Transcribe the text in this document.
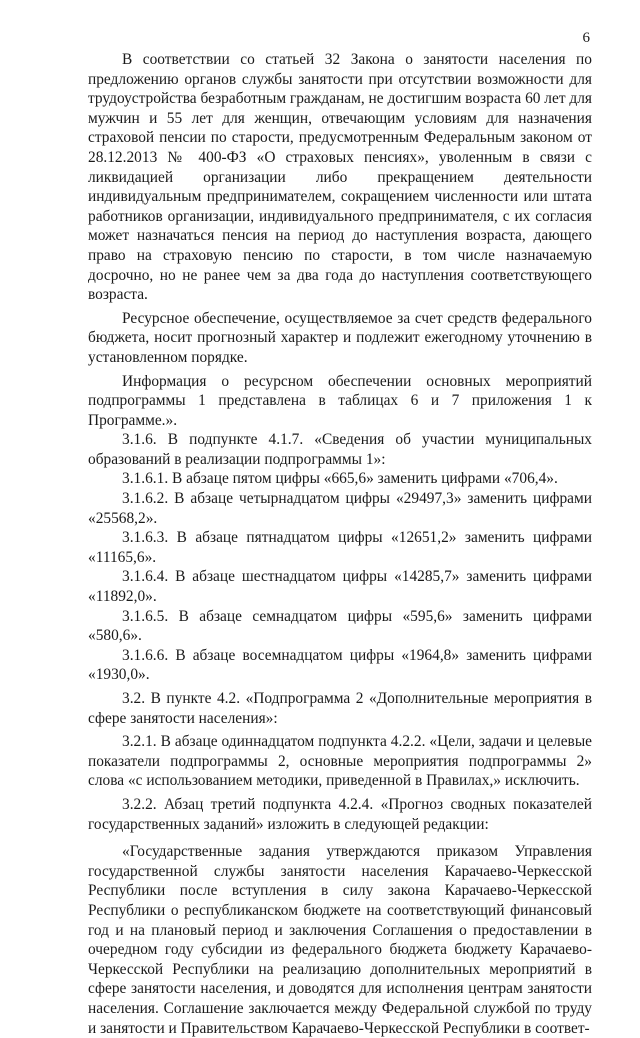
6

В соответствии со статьей 32 Закона о занятости населения по предложению органов службы занятости при отсутствии возможности для трудоустройства безработным гражданам, не достигшим возраста 60 лет для мужчин и 55 лет для женщин, отвечающим условиям для назначения страховой пенсии по старости, предусмотренным Федеральным законом от 28.12.2013 № 400-ФЗ «О страховых пенсиях», уволенным в связи с ликвидацией организации либо прекращением деятельности индивидуальным предпринимателем, сокращением численности или штата работников организации, индивидуального предпринимателя, с их согласия может назначаться пенсия на период до наступления возраста, дающего право на страховую пенсию по старости, в том числе назначаемую досрочно, но не ранее чем за два года до наступления соответствующего возраста.

Ресурсное обеспечение, осуществляемое за счет средств федерального бюджета, носит прогнозный характер и подлежит ежегодному уточнению в установленном порядке.

Информация о ресурсном обеспечении основных мероприятий подпрограммы 1 представлена в таблицах 6 и 7 приложения 1 к Программе.».

3.1.6. В подпункте 4.1.7. «Сведения об участии муниципальных образований в реализации подпрограммы 1»:

3.1.6.1. В абзаце пятом цифры «665,6» заменить цифрами «706,4».

3.1.6.2. В абзаце четырнадцатом цифры «29497,3» заменить цифрами «25568,2».

3.1.6.3. В абзаце пятнадцатом цифры «12651,2» заменить цифрами «11165,6».

3.1.6.4. В абзаце шестнадцатом цифры «14285,7» заменить цифрами «11892,0».

3.1.6.5. В абзаце семнадцатом цифры «595,6» заменить цифрами «580,6».

3.1.6.6. В абзаце восемнадцатом цифры «1964,8» заменить цифрами «1930,0».

3.2. В пункте 4.2. «Подпрограмма 2 «Дополнительные мероприятия в сфере занятости населения»:

3.2.1. В абзаце одиннадцатом подпункта 4.2.2. «Цели, задачи и целевые показатели подпрограммы 2, основные мероприятия подпрограммы 2» слова «с использованием методики, приведенной в Правилах,» исключить.

3.2.2. Абзац третий подпункта 4.2.4. «Прогноз сводных показателей государственных заданий» изложить в следующей редакции:

«Государственные задания утверждаются приказом Управления государственной службы занятости населения Карачаево-Черкесской Республики после вступления в силу закона Карачаево-Черкесской Республики о республиканском бюджете на соответствующий финансовый год и на плановый период и заключения Соглашения о предоставлении в очередном году субсидии из федерального бюджета бюджету Карачаево-Черкесской Республики на реализацию дополнительных мероприятий в сфере занятости населения, и доводятся для исполнения центрам занятости населения. Соглашение заключается между Федеральной службой по труду и занятости и Правительством Карачаево-Черкесской Республики в соответ-
